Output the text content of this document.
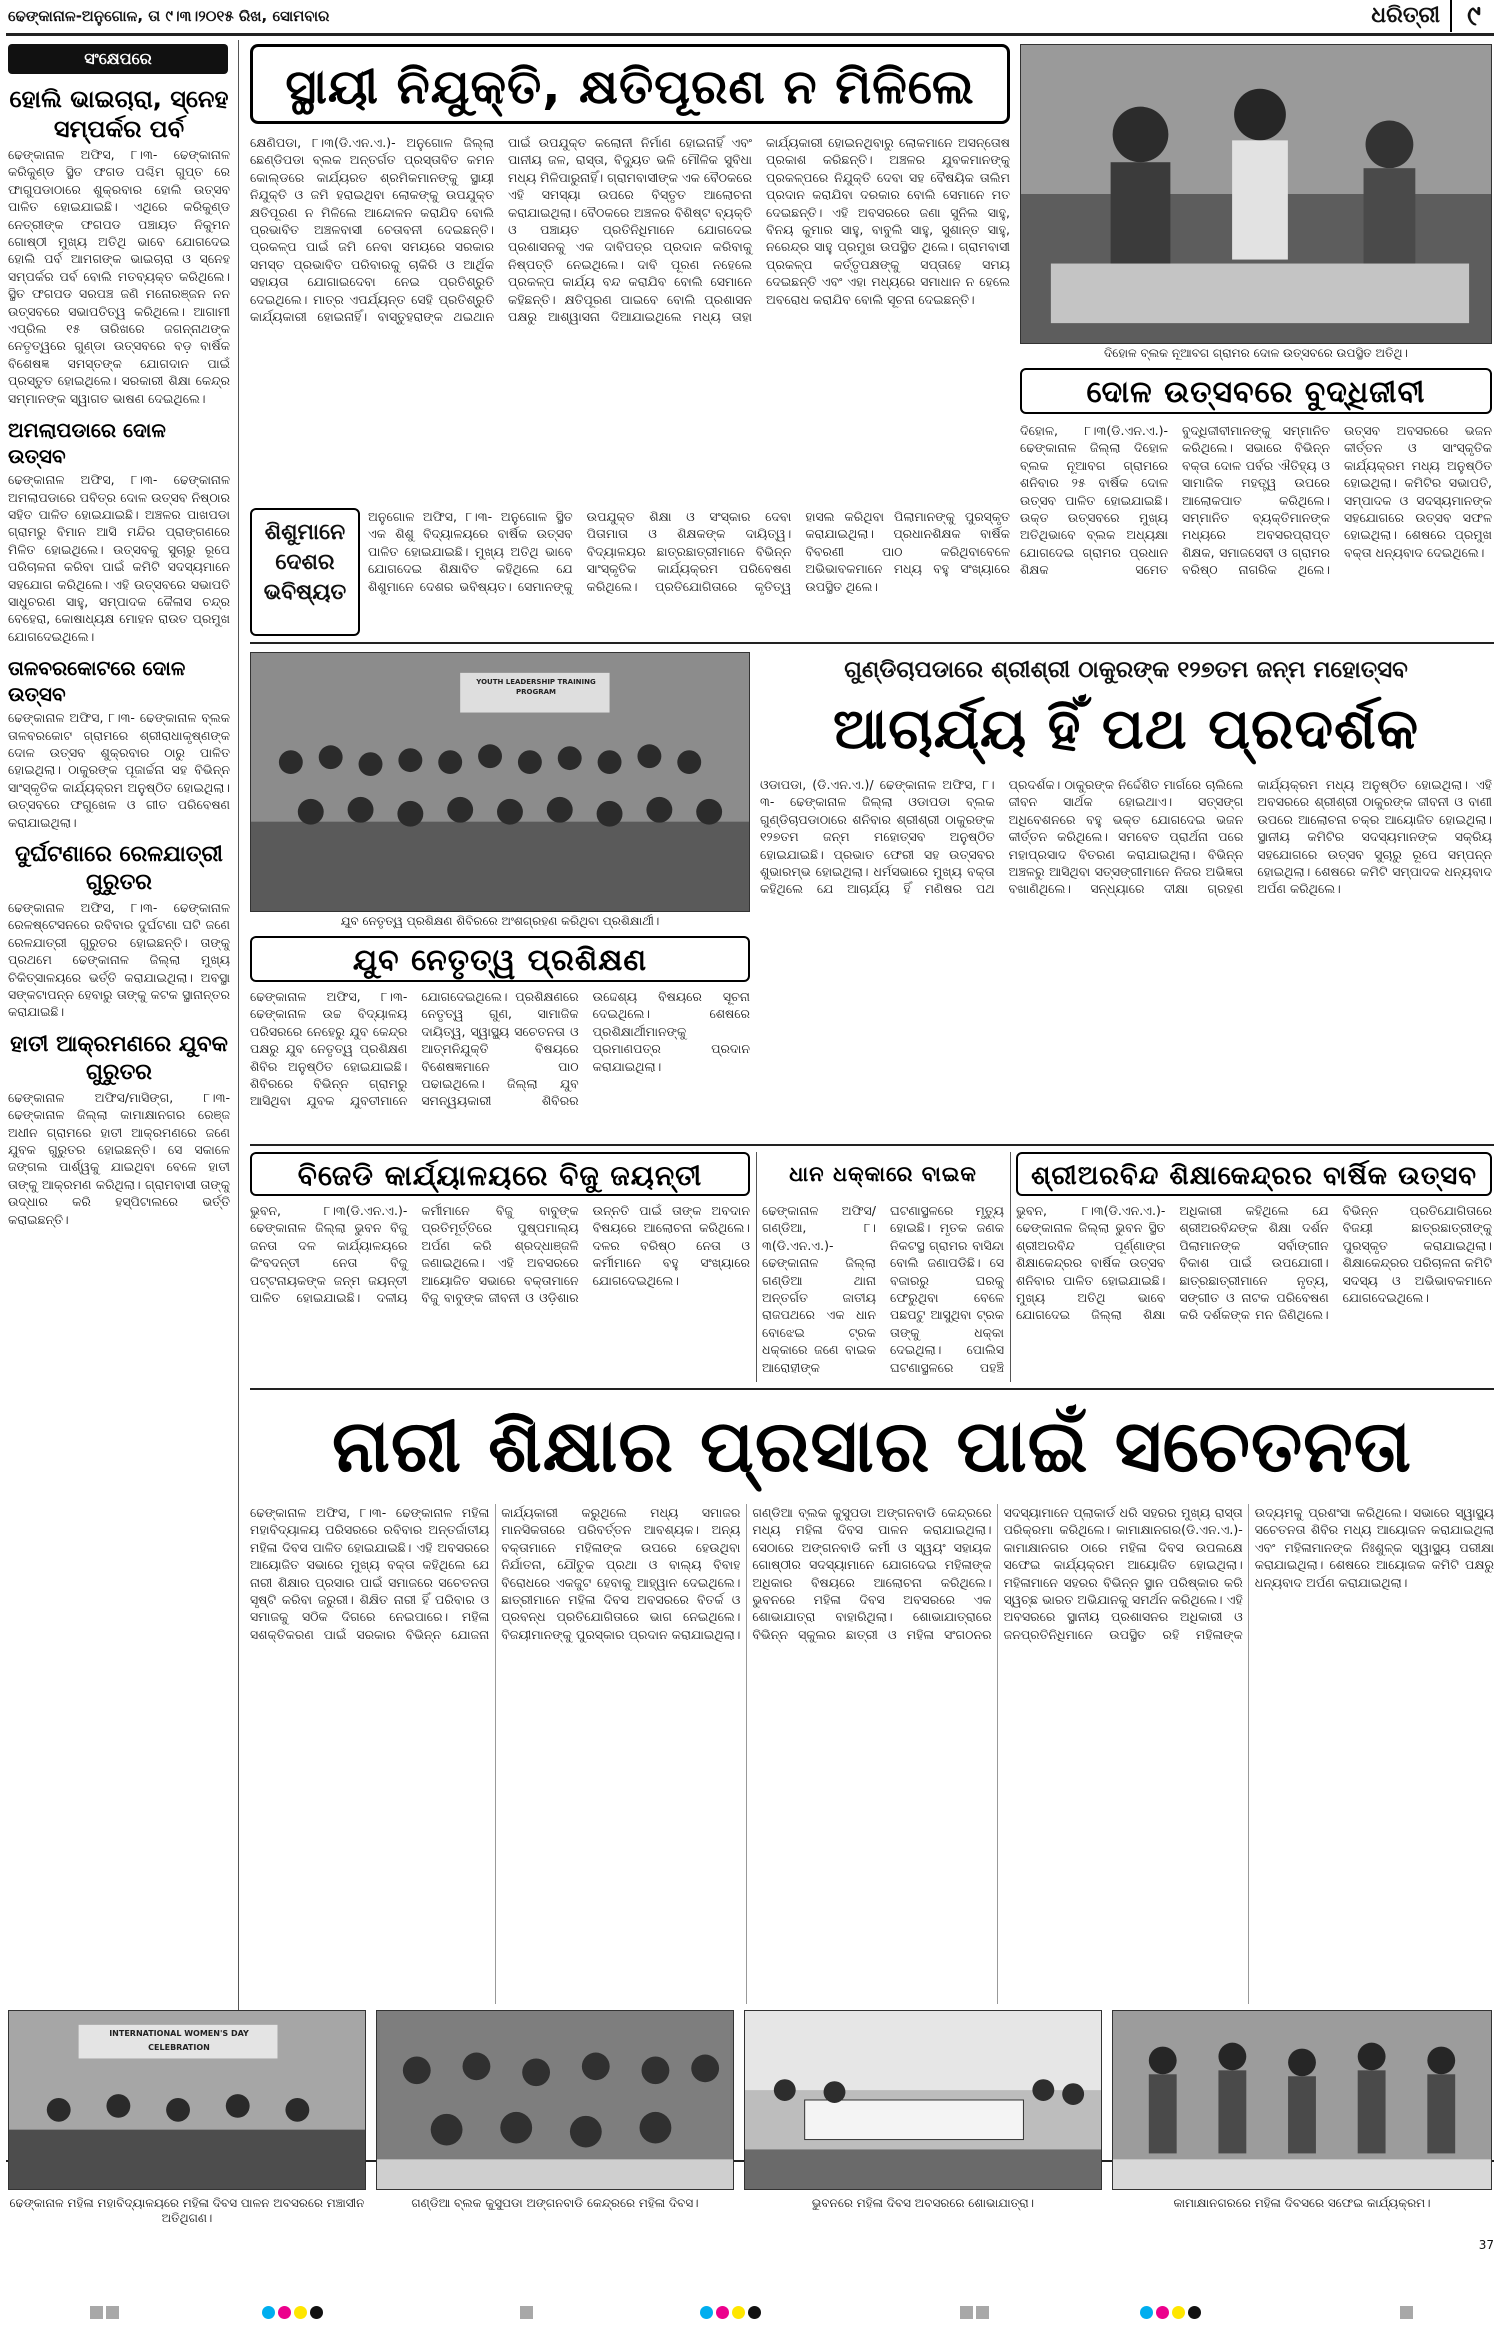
ଢେଙ୍କାନାଳ-ଅନୁଗୋଳ, ତା ୯।୩।୨୦୧୫ ରିଖ, ସୋମବାର	ଧରିତ୍ରୀ ୯
ସଂକ୍ଷେପରେ
ହୋଲି ଭାଇଚାରା, ସ୍ନେହ ସମ୍ପର୍କର ପର୍ବ
ଢେଙ୍କାନାଳ ଅଫିସ, ୮।୩- ଢେଙ୍କାନାଳ କରିକୁଣ୍ଡ ସ୍ଥିତ ଫଗଡ ପଶ୍ଚିମ ଗୁପ୍ତ ରେ ଫାଗୁପଡାଠାରେ ଶୁକ୍ରବାର ହୋଲି ଉତ୍ସବ ପାଳିତ ହୋଇଯାଇଛି। ଏଥିରେ କରିକୁଣ୍ଡ ନେତ୍ରୀଙ୍କ ଫଗପଡ ପଞ୍ଚାୟତ ନିକୁମନ ଗୋଷ୍ଠୀ ମୁଖ୍ୟ ଅତିଥି ଭାବେ ଯୋଗଦେଇ ହୋଲି ପର୍ବ ଆମଗଙ୍କ ଭାଇଚାରା ଓ ସ୍ନେହ ସମ୍ପର୍କର ପର୍ବ ବୋଲି ମତବ୍ୟକ୍ତ କରିଥିଲେ। ସ୍ଥିତ ଫଗପଡ ସରପଞ୍ଚ ଜଣି ମନୋରଞ୍ଜନ ନନ ଉତ୍ସବରେ ସଭାପତିତ୍ୱ କରିଥିଲେ। ଆଗାମୀ ଏପ୍ରିଲ ୧୫ ତାରିଖରେ ଜଗନ୍ନାଥଙ୍କ ନେତୃତ୍ୱରେ ଗୁଣ୍ଡା ଉତ୍ସବରେ ବଡ଼ ବାର୍ଷିକ ବିଶେଷଜ୍ଞ ସମସ୍ତଙ୍କ ଯୋଗଦାନ ପାଇଁ ପ୍ରସ୍ତୁତ ହୋଇଥିଲେ। ସରକାରୀ ଶିକ୍ଷା କେନ୍ଦ୍ର ସମ୍ମାନଙ୍କ ସ୍ୱାଗତ ଭାଷଣ ଦେଇଥିଲେ।
ଅମଲାପଡାରେ ଦୋଳ ଉତ୍ସବ
ଢେଙ୍କାନାଳ ଅଫିସ, ୮।୩- ଢେଙ୍କାନାଳ ଅମଲାପଡାରେ ପବିତ୍ର ଦୋଳ ଉତ୍ସବ ନିଷ୍ଠାର ସହିତ ପାଳିତ ହୋଇଯାଇଛି। ଅଞ୍ଚଳର ପାଖପଡା ଗ୍ରାମରୁ ବିମାନ ଆସି ମନ୍ଦିର ପ୍ରାଙ୍ଗଣରେ ମିଳିତ ହୋଇଥିଲେ। ଉତ୍ସବକୁ ସୁଚାରୁ ରୂପେ ପରିଚାଳନା କରିବା ପାଇଁ କମିଟି ସଦସ୍ୟମାନେ ସହଯୋଗ କରିଥିଲେ। ଏହି ଉତ୍ସବରେ ସଭାପତି ସାଧୁଚରଣ ସାହୁ, ସମ୍ପାଦକ କୈଳାସ ଚନ୍ଦ୍ର ବେହେରା, କୋଷାଧ୍ୟକ୍ଷ ମୋହନ ରାଉତ ପ୍ରମୁଖ ଯୋଗଦେଇଥିଲେ।
ତାଳବରକୋଟରେ ଦୋଳ ଉତ୍ସବ
ଢେଙ୍କାନାଳ ଅଫିସ, ୮।୩- ଢେଙ୍କାନାଳ ବ୍ଲକ ତାଳବରକୋଟ ଗ୍ରାମରେ ଶ୍ରୀରାଧାକୃଷ୍ଣଙ୍କ ଦୋଳ ଉତ୍ସବ ଶୁକ୍ରବାର ଠାରୁ ପାଳିତ ହୋଇଥିଲା। ଠାକୁରଙ୍କ ପୂଜାର୍ଚ୍ଚନା ସହ ବିଭିନ୍ନ ସାଂସ୍କୃତିକ କାର୍ଯ୍ୟକ୍ରମ ଅନୁଷ୍ଠିତ ହୋଇଥିଲା। ଉତ୍ସବରେ ଫଗୁଖେଳ ଓ ଗୀତ ପରିବେଷଣ କରାଯାଇଥିଲା।
ଦୁର୍ଘଟଣାରେ ରେଳଯାତ୍ରୀ ଗୁରୁତର
ଢେଙ୍କାନାଳ ଅଫିସ, ୮।୩- ଢେଙ୍କାନାଳ ରେଳଷ୍ଟେସନରେ ରବିବାର ଦୁର୍ଘଟଣା ଘଟି ଜଣେ ରେଳଯାତ୍ରୀ ଗୁରୁତର ହୋଇଛନ୍ତି। ତାଙ୍କୁ ପ୍ରଥମେ ଢେଙ୍କାନାଳ ଜିଲ୍ଲା ମୁଖ୍ୟ ଚିକିତ୍ସାଳୟରେ ଭର୍ତ୍ତି କରାଯାଇଥିଲା। ଅବସ୍ଥା ସଙ୍କଟାପନ୍ନ ହେବାରୁ ତାଙ୍କୁ କଟକ ସ୍ଥାନାନ୍ତର କରାଯାଇଛି।
ହାତୀ ଆକ୍ରମଣରେ ଯୁବକ ଗୁରୁତର
ଢେଙ୍କାନାଳ ଅଫିସ/ମାସିଙ୍ଗ, ୮।୩- ଢେଙ୍କାନାଳ ଜିଲ୍ଲା କାମାକ୍ଷାନଗର ରେଞ୍ଜ ଅଧୀନ ଗ୍ରାମରେ ହାତୀ ଆକ୍ରମଣରେ ଜଣେ ଯୁବକ ଗୁରୁତର ହୋଇଛନ୍ତି। ସେ ସକାଳେ ଜଙ୍ଗଲ ପାର୍ଶ୍ୱକୁ ଯାଇଥିବା ବେଳେ ହାତୀ ତାଙ୍କୁ ଆକ୍ରମଣ କରିଥିଲା। ଗ୍ରାମବାସୀ ତାଙ୍କୁ ଉଦ୍ଧାର କରି ହସ୍ପିଟାଲରେ ଭର୍ତ୍ତି କରାଇଛନ୍ତି।
ସ୍ଥାୟୀ ନିଯୁକ୍ତି, କ୍ଷତିପୂରଣ ନ ମିଳିଲେ
କ୍ଷେଣିପଡା, ୮।୩(ଡି.ଏନ.ଏ.)- ଅନୁଗୋଳ ଜିଲ୍ଲା ଛେଣ୍ଡିପଡା ବ୍ଲକ ଅନ୍ତର୍ଗତ ପ୍ରସ୍ତାବିତ କମନ କୋଲ୍ଡରେ କାର୍ଯ୍ୟରତ ଶ୍ରମିକମାନଙ୍କୁ ସ୍ଥାୟୀ ନିଯୁକ୍ତି ଓ ଜମି ହରାଇଥିବା ଲୋକଙ୍କୁ ଉପଯୁକ୍ତ କ୍ଷତିପୂରଣ ନ ମିଳିଲେ ଆନ୍ଦୋଳନ କରାଯିବ ବୋଲି ପ୍ରଭାବିତ ଅଞ୍ଚଳବାସୀ ଚେତାବନୀ ଦେଇଛନ୍ତି। ପ୍ରକଳ୍ପ ପାଇଁ ଜମି ନେବା ସମୟରେ ସରକାର ସମସ୍ତ ପ୍ରଭାବିତ ପରିବାରକୁ ଚାକିରି ଓ ଆର୍ଥିକ ସହାୟତା ଯୋଗାଇଦେବା ନେଇ ପ୍ରତିଶ୍ରୁତି ଦେଇଥିଲେ। ମାତ୍ର ଏପର୍ଯ୍ୟନ୍ତ ସେହି ପ୍ରତିଶ୍ରୁତି କାର୍ଯ୍ୟକାରୀ ହୋଇନାହିଁ। ବାସ୍ତୁହରାଙ୍କ ଥଇଥାନ ପାଇଁ ଉପଯୁକ୍ତ କଲୋନୀ ନିର୍ମାଣ ହୋଇନାହିଁ ଏବଂ ପାନୀୟ ଜଳ, ରାସ୍ତା, ବିଦ୍ୟୁତ ଭଳି ମୌଳିକ ସୁବିଧା ମଧ୍ୟ ମିଳିପାରୁନାହିଁ। ଗ୍ରାମବାସୀଙ୍କ ଏକ ବୈଠକରେ ଏହି ସମସ୍ୟା ଉପରେ ବିସ୍ତୃତ ଆଲୋଚନା କରାଯାଇଥିଲା। ବୈଠକରେ ଅଞ୍ଚଳର ବିଶିଷ୍ଟ ବ୍ୟକ୍ତି ଓ ପଞ୍ଚାୟତ ପ୍ରତିନିଧିମାନେ ଯୋଗଦେଇ ପ୍ରଶାସନକୁ ଏକ ଦାବିପତ୍ର ପ୍ରଦାନ କରିବାକୁ ନିଷ୍ପତ୍ତି ନେଇଥିଲେ। ଦାବି ପୂରଣ ନହେଲେ ପ୍ରକଳ୍ପ କାର୍ଯ୍ୟ ବନ୍ଦ କରାଯିବ ବୋଲି ସେମାନେ କହିଛନ୍ତି। କ୍ଷତିପୂରଣ ପାଇବେ ବୋଲି ପ୍ରଶାସନ ପକ୍ଷରୁ ଆଶ୍ୱାସନା ଦିଆଯାଇଥିଲେ ମଧ୍ୟ ତାହା କାର୍ଯ୍ୟକାରୀ ହୋଇନଥିବାରୁ ଲୋକମାନେ ଅସନ୍ତୋଷ ପ୍ରକାଶ କରିଛନ୍ତି। ଅଞ୍ଚଳର ଯୁବକମାନଙ୍କୁ ପ୍ରକଳ୍ପରେ ନିଯୁକ୍ତି ଦେବା ସହ ବୈଷୟିକ ତାଲିମ ପ୍ରଦାନ କରାଯିବା ଦରକାର ବୋଲି ସେମାନେ ମତ ଦେଇଛନ୍ତି। ଏହି ଅବସରରେ ଜଣା ସୁନିଲ ସାହୁ, ବିନୟ କୁମାର ସାହୁ, ବାବୁଲି ସାହୁ, ସୁଶାନ୍ତ ସାହୁ, ନରେନ୍ଦ୍ର ସାହୁ ପ୍ରମୁଖ ଉପସ୍ଥିତ ଥିଲେ। ଗ୍ରାମବାସୀ ପ୍ରକଳ୍ପ କର୍ତ୍ତୃପକ୍ଷଙ୍କୁ ସପ୍ତାହେ ସମୟ ଦେଇଛନ୍ତି ଏବଂ ଏହା ମଧ୍ୟରେ ସମାଧାନ ନ ହେଲେ ଅବରୋଧ କରାଯିବ ବୋଲି ସୂଚନା ଦେଇଛନ୍ତି।
ଦିହୋଳ ବ୍ଲକ ନୂଆବଗ ଗ୍ରାମର ଦୋଳ ଉତ୍ସବରେ ଉପସ୍ଥିତ ଅତିଥି।
ଦୋଳ ଉତ୍ସବରେ ବୁଦ୍ଧିଜୀବୀ
ଦିହୋଳ, ୮।୩(ଡି.ଏନ.ଏ.)- ଢେଙ୍କାନାଳ ଜିଲ୍ଲା ଦିହୋଳ ବ୍ଲକ ନୂଆବଗ ଗ୍ରାମରେ ଶନିବାର ୨୫ ବାର୍ଷିକ ଦୋଳ ଉତ୍ସବ ପାଳିତ ହୋଇଯାଇଛି। ଉକ୍ତ ଉତ୍ସବରେ ମୁଖ୍ୟ ଅତିଥିଭାବେ ବ୍ଲକ ଅଧ୍ୟକ୍ଷା ଯୋଗଦେଇ ଗ୍ରାମର ପ୍ରଧାନ ଶିକ୍ଷକ ସମେତ ବୁଦ୍ଧିଜୀବୀମାନଙ୍କୁ ସମ୍ମାନିତ କରିଥିଲେ। ସଭାରେ ବିଭିନ୍ନ ବକ୍ତା ଦୋଳ ପର୍ବର ଐତିହ୍ୟ ଓ ସାମାଜିକ ମହତ୍ତ୍ୱ ଉପରେ ଆଲୋକପାତ କରିଥିଲେ। ସମ୍ମାନିତ ବ୍ୟକ୍ତିମାନଙ୍କ ମଧ୍ୟରେ ଅବସରପ୍ରାପ୍ତ ଶିକ୍ଷକ, ସମାଜସେବୀ ଓ ଗ୍ରାମର ବରିଷ୍ଠ ନାଗରିକ ଥିଲେ। ଉତ୍ସବ ଅବସରରେ ଭଜନ କୀର୍ତ୍ତନ ଓ ସାଂସ୍କୃତିକ କାର୍ଯ୍ୟକ୍ରମ ମଧ୍ୟ ଅନୁଷ୍ଠିତ ହୋଇଥିଲା। କମିଟିର ସଭାପତି, ସମ୍ପାଦକ ଓ ସଦସ୍ୟମାନଙ୍କ ସହଯୋଗରେ ଉତ୍ସବ ସଫଳ ହୋଇଥିଲା। ଶେଷରେ ପ୍ରମୁଖ ବକ୍ତା ଧନ୍ୟବାଦ ଦେଇଥିଲେ।
ଶିଶୁମାନେ ଦେଶର ଭବିଷ୍ୟତ
ଅନୁଗୋଳ ଅଫିସ, ୮।୩- ଅନୁଗୋଳ ସ୍ଥିତ ଏକ ଶିଶୁ ବିଦ୍ୟାଳୟରେ ବାର୍ଷିକ ଉତ୍ସବ ପାଳିତ ହୋଇଯାଇଛି। ମୁଖ୍ୟ ଅତିଥି ଭାବେ ଯୋଗଦେଇ ଶିକ୍ଷାବିତ କହିଥିଲେ ଯେ ଶିଶୁମାନେ ଦେଶର ଭବିଷ୍ୟତ। ସେମାନଙ୍କୁ ଉପଯୁକ୍ତ ଶିକ୍ଷା ଓ ସଂସ୍କାର ଦେବା ପିତାମାତା ଓ ଶିକ୍ଷକଙ୍କ ଦାୟିତ୍ୱ। ବିଦ୍ୟାଳୟର ଛାତ୍ରଛାତ୍ରୀମାନେ ବିଭିନ୍ନ ସାଂସ୍କୃତିକ କାର୍ଯ୍ୟକ୍ରମ ପରିବେଷଣ କରିଥିଲେ। ପ୍ରତିଯୋଗିତାରେ କୃତିତ୍ୱ ହାସଲ କରିଥିବା ପିଲାମାନଙ୍କୁ ପୁରସ୍କୃତ କରାଯାଇଥିଲା। ପ୍ରଧାନଶିକ୍ଷକ ବାର୍ଷିକ ବିବରଣୀ ପାଠ କରିଥିବାବେଳେ ଅଭିଭାବକମାନେ ମଧ୍ୟ ବହୁ ସଂଖ୍ୟାରେ ଉପସ୍ଥିତ ଥିଲେ।
YOUTH LEADERSHIP TRAINING PROGRAM
ଯୁବ ନେତୃତ୍ୱ ପ୍ରଶିକ୍ଷଣ ଶିବିରରେ ଅଂଶଗ୍ରହଣ କରିଥିବା ପ୍ରଶିକ୍ଷାର୍ଥୀ।
ଯୁବ ନେତୃତ୍ୱ ପ୍ରଶିକ୍ଷଣ
ଢେଙ୍କାନାଳ ଅଫିସ, ୮।୩- ଢେଙ୍କାନାଳ ଉଚ୍ଚ ବିଦ୍ୟାଳୟ ପରିସରରେ ନେହେରୁ ଯୁବ କେନ୍ଦ୍ର ପକ୍ଷରୁ ଯୁବ ନେତୃତ୍ୱ ପ୍ରଶିକ୍ଷଣ ଶିବିର ଅନୁଷ୍ଠିତ ହୋଇଯାଇଛି। ଶିବିରରେ ବିଭିନ୍ନ ଗ୍ରାମରୁ ଆସିଥିବା ଯୁବକ ଯୁବତୀମାନେ ଯୋଗଦେଇଥିଲେ। ପ୍ରଶିକ୍ଷଣରେ ନେତୃତ୍ୱ ଗୁଣ, ସାମାଜିକ ଦାୟିତ୍ୱ, ସ୍ୱାସ୍ଥ୍ୟ ସଚେତନତା ଓ ଆତ୍ମନିଯୁକ୍ତି ବିଷୟରେ ବିଶେଷଜ୍ଞମାନେ ପାଠ ପଢାଇଥିଲେ। ଜିଲ୍ଲା ଯୁବ ସମନ୍ୱୟକାରୀ ଶିବିରର ଉଦ୍ଦେଶ୍ୟ ବିଷୟରେ ସୂଚନା ଦେଇଥିଲେ। ଶେଷରେ ପ୍ରଶିକ୍ଷାର୍ଥୀମାନଙ୍କୁ ପ୍ରମାଣପତ୍ର ପ୍ରଦାନ କରାଯାଇଥିଲା।
ଗୁଣ୍ଡିଚାପଡାରେ ଶ୍ରୀଶ୍ରୀ ଠାକୁରଙ୍କ ୧୨୭ତମ ଜନ୍ମ ମହୋତ୍ସବ
ଆଚାର୍ଯ୍ୟ ହିଁ ପଥ ପ୍ରଦର୍ଶକ
ଓଡାପଡା, (ଡି.ଏନ.ଏ.)/ ଢେଙ୍କାନାଳ ଅଫିସ, ୮।୩- ଢେଙ୍କାନାଳ ଜିଲ୍ଲା ଓଡାପଡା ବ୍ଲକ ଗୁଣ୍ଡିଚାପଡାଠାରେ ଶନିବାର ଶ୍ରୀଶ୍ରୀ ଠାକୁରଙ୍କ ୧୨୭ତମ ଜନ୍ମ ମହୋତ୍ସବ ଅନୁଷ୍ଠିତ ହୋଇଯାଇଛି। ପ୍ରଭାତ ଫେରୀ ସହ ଉତ୍ସବର ଶୁଭାରମ୍ଭ ହୋଇଥିଲା। ଧର୍ମସଭାରେ ମୁଖ୍ୟ ବକ୍ତା କହିଥିଲେ ଯେ ଆଚାର୍ଯ୍ୟ ହିଁ ମଣିଷର ପଥ ପ୍ରଦର୍ଶକ। ଠାକୁରଙ୍କ ନିର୍ଦ୍ଦେଶିତ ମାର୍ଗରେ ଚାଲିଲେ ଜୀବନ ସାର୍ଥକ ହୋଇଥାଏ। ସତ୍‌ସଙ୍ଗ ଅଧିବେଶନରେ ବହୁ ଭକ୍ତ ଯୋଗଦେଇ ଭଜନ କୀର୍ତ୍ତନ କରିଥିଲେ। ସମବେତ ପ୍ରାର୍ଥନା ପରେ ମହାପ୍ରସାଦ ବିତରଣ କରାଯାଇଥିଲା। ବିଭିନ୍ନ ଅଞ୍ଚଳରୁ ଆସିଥିବା ସତ୍‌ସଙ୍ଗୀମାନେ ନିଜର ଅଭିଜ୍ଞତା ବଖାଣିଥିଲେ। ସନ୍ଧ୍ୟାରେ ଦୀକ୍ଷା ଗ୍ରହଣ କାର୍ଯ୍ୟକ୍ରମ ମଧ୍ୟ ଅନୁଷ୍ଠିତ ହୋଇଥିଲା। ଏହି ଅବସରରେ ଶ୍ରୀଶ୍ରୀ ଠାକୁରଙ୍କ ଜୀବନୀ ଓ ବାଣୀ ଉପରେ ଆଲୋଚନା ଚକ୍ର ଆୟୋଜିତ ହୋଇଥିଲା। ସ୍ଥାନୀୟ କମିଟିର ସଦସ୍ୟମାନଙ୍କ ସକ୍ରିୟ ସହଯୋଗରେ ଉତ୍ସବ ସୁଚାରୁ ରୂପେ ସମ୍ପନ୍ନ ହୋଇଥିଲା। ଶେଷରେ କମିଟି ସମ୍ପାଦକ ଧନ୍ୟବାଦ ଅର୍ପଣ କରିଥିଲେ।
ବିଜେଡି କାର୍ଯ୍ୟାଳୟରେ ବିଜୁ ଜୟନ୍ତୀ
ଭୁବନ, ୮।୩(ଡି.ଏନ.ଏ.)- ଢେଙ୍କାନାଳ ଜିଲ୍ଲା ଭୁବନ ବିଜୁ ଜନତା ଦଳ କାର୍ଯ୍ୟାଳୟରେ କିଂବଦନ୍ତୀ ନେତା ବିଜୁ ପଟ୍ଟନାୟକଙ୍କ ଜନ୍ମ ଜୟନ୍ତୀ ପାଳିତ ହୋଇଯାଇଛି। ଦଳୀୟ କର୍ମୀମାନେ ବିଜୁ ବାବୁଙ୍କ ପ୍ରତିମୂର୍ତ୍ତିରେ ପୁଷ୍ପମାଲ୍ୟ ଅର୍ପଣ କରି ଶ୍ରଦ୍ଧାଞ୍ଜଳି ଜଣାଇଥିଲେ। ଏହି ଅବସରରେ ଆୟୋଜିତ ସଭାରେ ବକ୍ତାମାନେ ବିଜୁ ବାବୁଙ୍କ ଜୀବନୀ ଓ ଓଡ଼ିଶାର ଉନ୍ନତି ପାଇଁ ତାଙ୍କ ଅବଦାନ ବିଷୟରେ ଆଲୋଚନା କରିଥିଲେ। ଦଳର ବରିଷ୍ଠ ନେତା ଓ କର୍ମୀମାନେ ବହୁ ସଂଖ୍ୟାରେ ଯୋଗଦେଇଥିଲେ।
ଧାନ ଧକ୍କାରେ ବାଇକ
ଢେଙ୍କାନାଳ ଅଫିସ/ଗଣ୍ଡିଆ, ୮।୩(ଡି.ଏନ.ଏ.)- ଢେଙ୍କାନାଳ ଜିଲ୍ଲା ଗଣ୍ଡିଆ ଥାନା ଅନ୍ତର୍ଗତ ଜାତୀୟ ରାଜପଥରେ ଏକ ଧାନ ବୋଝେଇ ଟ୍ରକ ଧକ୍କାରେ ଜଣେ ବାଇକ ଆରୋହୀଙ୍କ ଘଟଣାସ୍ଥଳରେ ମୃତ୍ୟୁ ହୋଇଛି। ମୃତକ ଜଣକ ନିକଟସ୍ଥ ଗ୍ରାମର ବାସିନ୍ଦା ବୋଲି ଜଣାପଡିଛି। ସେ ବଜାରରୁ ଘରକୁ ଫେରୁଥିବା ବେଳେ ପଛପଟୁ ଆସୁଥିବା ଟ୍ରକ ତାଙ୍କୁ ଧକ୍କା ଦେଇଥିଲା। ପୋଲିସ ଘଟଣାସ୍ଥଳରେ ପହଞ୍ଚି
ଶ୍ରୀଅରବିନ୍ଦ ଶିକ୍ଷାକେନ୍ଦ୍ରର ବାର୍ଷିକ ଉତ୍ସବ
ଭୁବନ, ୮।୩(ଡି.ଏନ.ଏ.)- ଢେଙ୍କାନାଳ ଜିଲ୍ଲା ଭୁବନ ସ୍ଥିତ ଶ୍ରୀଅରବିନ୍ଦ ପୂର୍ଣ୍ଣାଙ୍ଗ ଶିକ୍ଷାକେନ୍ଦ୍ରର ବାର୍ଷିକ ଉତ୍ସବ ଶନିବାର ପାଳିତ ହୋଇଯାଇଛି। ମୁଖ୍ୟ ଅତିଥି ଭାବେ ଯୋଗଦେଇ ଜିଲ୍ଲା ଶିକ୍ଷା ଅଧିକାରୀ କହିଥିଲେ ଯେ ଶ୍ରୀଅରବିନ୍ଦଙ୍କ ଶିକ୍ଷା ଦର୍ଶନ ପିଲାମାନଙ୍କ ସର୍ବାଙ୍ଗୀନ ବିକାଶ ପାଇଁ ଉପଯୋଗୀ। ଛାତ୍ରଛାତ୍ରୀମାନେ ନୃତ୍ୟ, ସଙ୍ଗୀତ ଓ ନାଟକ ପରିବେଷଣ କରି ଦର୍ଶକଙ୍କ ମନ ଜିଣିଥିଲେ। ବିଭିନ୍ନ ପ୍ରତିଯୋଗିତାରେ ବିଜୟୀ ଛାତ୍ରଛାତ୍ରୀଙ୍କୁ ପୁରସ୍କୃତ କରାଯାଇଥିଲା। ଶିକ୍ଷାକେନ୍ଦ୍ରର ପରିଚାଳନା କମିଟି ସଦସ୍ୟ ଓ ଅଭିଭାବକମାନେ ଯୋଗଦେଇଥିଲେ।
ନାରୀ ଶିକ୍ଷାର ପ୍ରସାର ପାଇଁ ସଚେତନତା
ଢେଙ୍କାନାଳ ଅଫିସ, ୮।୩- ଢେଙ୍କାନାଳ ମହିଳା ମହାବିଦ୍ୟାଳୟ ପରିସରରେ ରବିବାର ଅନ୍ତର୍ଜାତୀୟ ମହିଳା ଦିବସ ପାଳିତ ହୋଇଯାଇଛି। ଏହି ଅବସରରେ ଆୟୋଜିତ ସଭାରେ ମୁଖ୍ୟ ବକ୍ତା କହିଥିଲେ ଯେ ନାରୀ ଶିକ୍ଷାର ପ୍ରସାର ପାଇଁ ସମାଜରେ ସଚେତନତା ସୃଷ୍ଟି କରିବା ଜରୁରୀ। ଶିକ୍ଷିତ ନାରୀ ହିଁ ପରିବାର ଓ ସମାଜକୁ ସଠିକ ଦିଗରେ ନେଇପାରେ। ମହିଳା ସଶକ୍ତିକରଣ ପାଇଁ ସରକାର ବିଭିନ୍ନ ଯୋଜନା କାର୍ଯ୍ୟକାରୀ କରୁଥିଲେ ମଧ୍ୟ ସମାଜର ମାନସିକତାରେ ପରିବର୍ତ୍ତନ ଆବଶ୍ୟକ। ଅନ୍ୟ ବକ୍ତାମାନେ ମହିଳାଙ୍କ ଉପରେ ହେଉଥିବା ନିର୍ଯାତନା, ଯୌତୁକ ପ୍ରଥା ଓ ବାଲ୍ୟ ବିବାହ ବିରୋଧରେ ଏକଜୁଟ ହେବାକୁ ଆହ୍ୱାନ ଦେଇଥିଲେ। ଛାତ୍ରୀମାନେ ମହିଳା ଦିବସ ଅବସରରେ ବିତର୍କ ଓ ପ୍ରବନ୍ଧ ପ୍ରତିଯୋଗିତାରେ ଭାଗ ନେଇଥିଲେ। ବିଜୟୀମାନଙ୍କୁ ପୁରସ୍କାର ପ୍ରଦାନ କରାଯାଇଥିଲା। ଗଣ୍ଡିଆ ବ୍ଲକ କୁସୁପଡା ଅଙ୍ଗନବାଡି କେନ୍ଦ୍ରରେ ମଧ୍ୟ ମହିଳା ଦିବସ ପାଳନ କରାଯାଇଥିଲା। ସେଠାରେ ଅଙ୍ଗନବାଡି କର୍ମୀ ଓ ସ୍ୱୟଂ ସହାୟକ ଗୋଷ୍ଠୀର ସଦସ୍ୟାମାନେ ଯୋଗଦେଇ ମହିଳାଙ୍କ ଅଧିକାର ବିଷୟରେ ଆଲୋଚନା କରିଥିଲେ। ଭୁବନରେ ମହିଳା ଦିବସ ଅବସରରେ ଏକ ଶୋଭାଯାତ୍ରା ବାହାରିଥିଲା। ଶୋଭାଯାତ୍ରାରେ ବିଭିନ୍ନ ସ୍କୁଲର ଛାତ୍ରୀ ଓ ମହିଳା ସଂଗଠନର ସଦସ୍ୟାମାନେ ପ୍ଲାକାର୍ଡ ଧରି ସହରର ମୁଖ୍ୟ ରାସ୍ତା ପରିକ୍ରମା କରିଥିଲେ। କାମାକ୍ଷାନଗର(ଡି.ଏନ.ଏ.)- କାମାକ୍ଷାନଗର ଠାରେ ମହିଳା ଦିବସ ଉପଲକ୍ଷେ ସଫେଇ କାର୍ଯ୍ୟକ୍ରମ ଆୟୋଜିତ ହୋଇଥିଲା। ମହିଳାମାନେ ସହରର ବିଭିନ୍ନ ସ୍ଥାନ ପରିଷ୍କାର କରି ସ୍ୱଚ୍ଛ ଭାରତ ଅଭିଯାନକୁ ସମର୍ଥନ କରିଥିଲେ। ଏହି ଅବସରରେ ସ୍ଥାନୀୟ ପ୍ରଶାସନର ଅଧିକାରୀ ଓ ଜନପ୍ରତିନିଧିମାନେ ଉପସ୍ଥିତ ରହି ମହିଳାଙ୍କ ଉଦ୍ୟମକୁ ପ୍ରଶଂସା କରିଥିଲେ। ସଭାରେ ସ୍ୱାସ୍ଥ୍ୟ ସଚେତନତା ଶିବିର ମଧ୍ୟ ଆୟୋଜନ କରାଯାଇଥିଲା ଏବଂ ମହିଳାମାନଙ୍କ ନିଃଶୁଳ୍କ ସ୍ୱାସ୍ଥ୍ୟ ପରୀକ୍ଷା କରାଯାଇଥିଲା। ଶେଷରେ ଆୟୋଜକ କମିଟି ପକ୍ଷରୁ ଧନ୍ୟବାଦ ଅର୍ପଣ କରାଯାଇଥିଲା।
INTERNATIONAL WOMEN'S DAY CELEBRATION
ଢେଙ୍କାନାଳ ମହିଳା ମହାବିଦ୍ୟାଳୟରେ ମହିଳା ଦିବସ ପାଳନ ଅବସରରେ ମଞ୍ଚାସୀନ ଅତିଥିଗଣ।
ଗଣ୍ଡିଆ ବ୍ଲକ କୁସୁପଡା ଅଙ୍ଗନବାଡି କେନ୍ଦ୍ରରେ ମହିଳା ଦିବସ।	ଭୁବନରେ ମହିଳା ଦିବସ ଅବସରରେ ଶୋଭାଯାତ୍ରା।	କାମାକ୍ଷାନଗରରେ ମହିଳା ଦିବସରେ ସଫେଇ କାର୍ଯ୍ୟକ୍ରମ।
37
